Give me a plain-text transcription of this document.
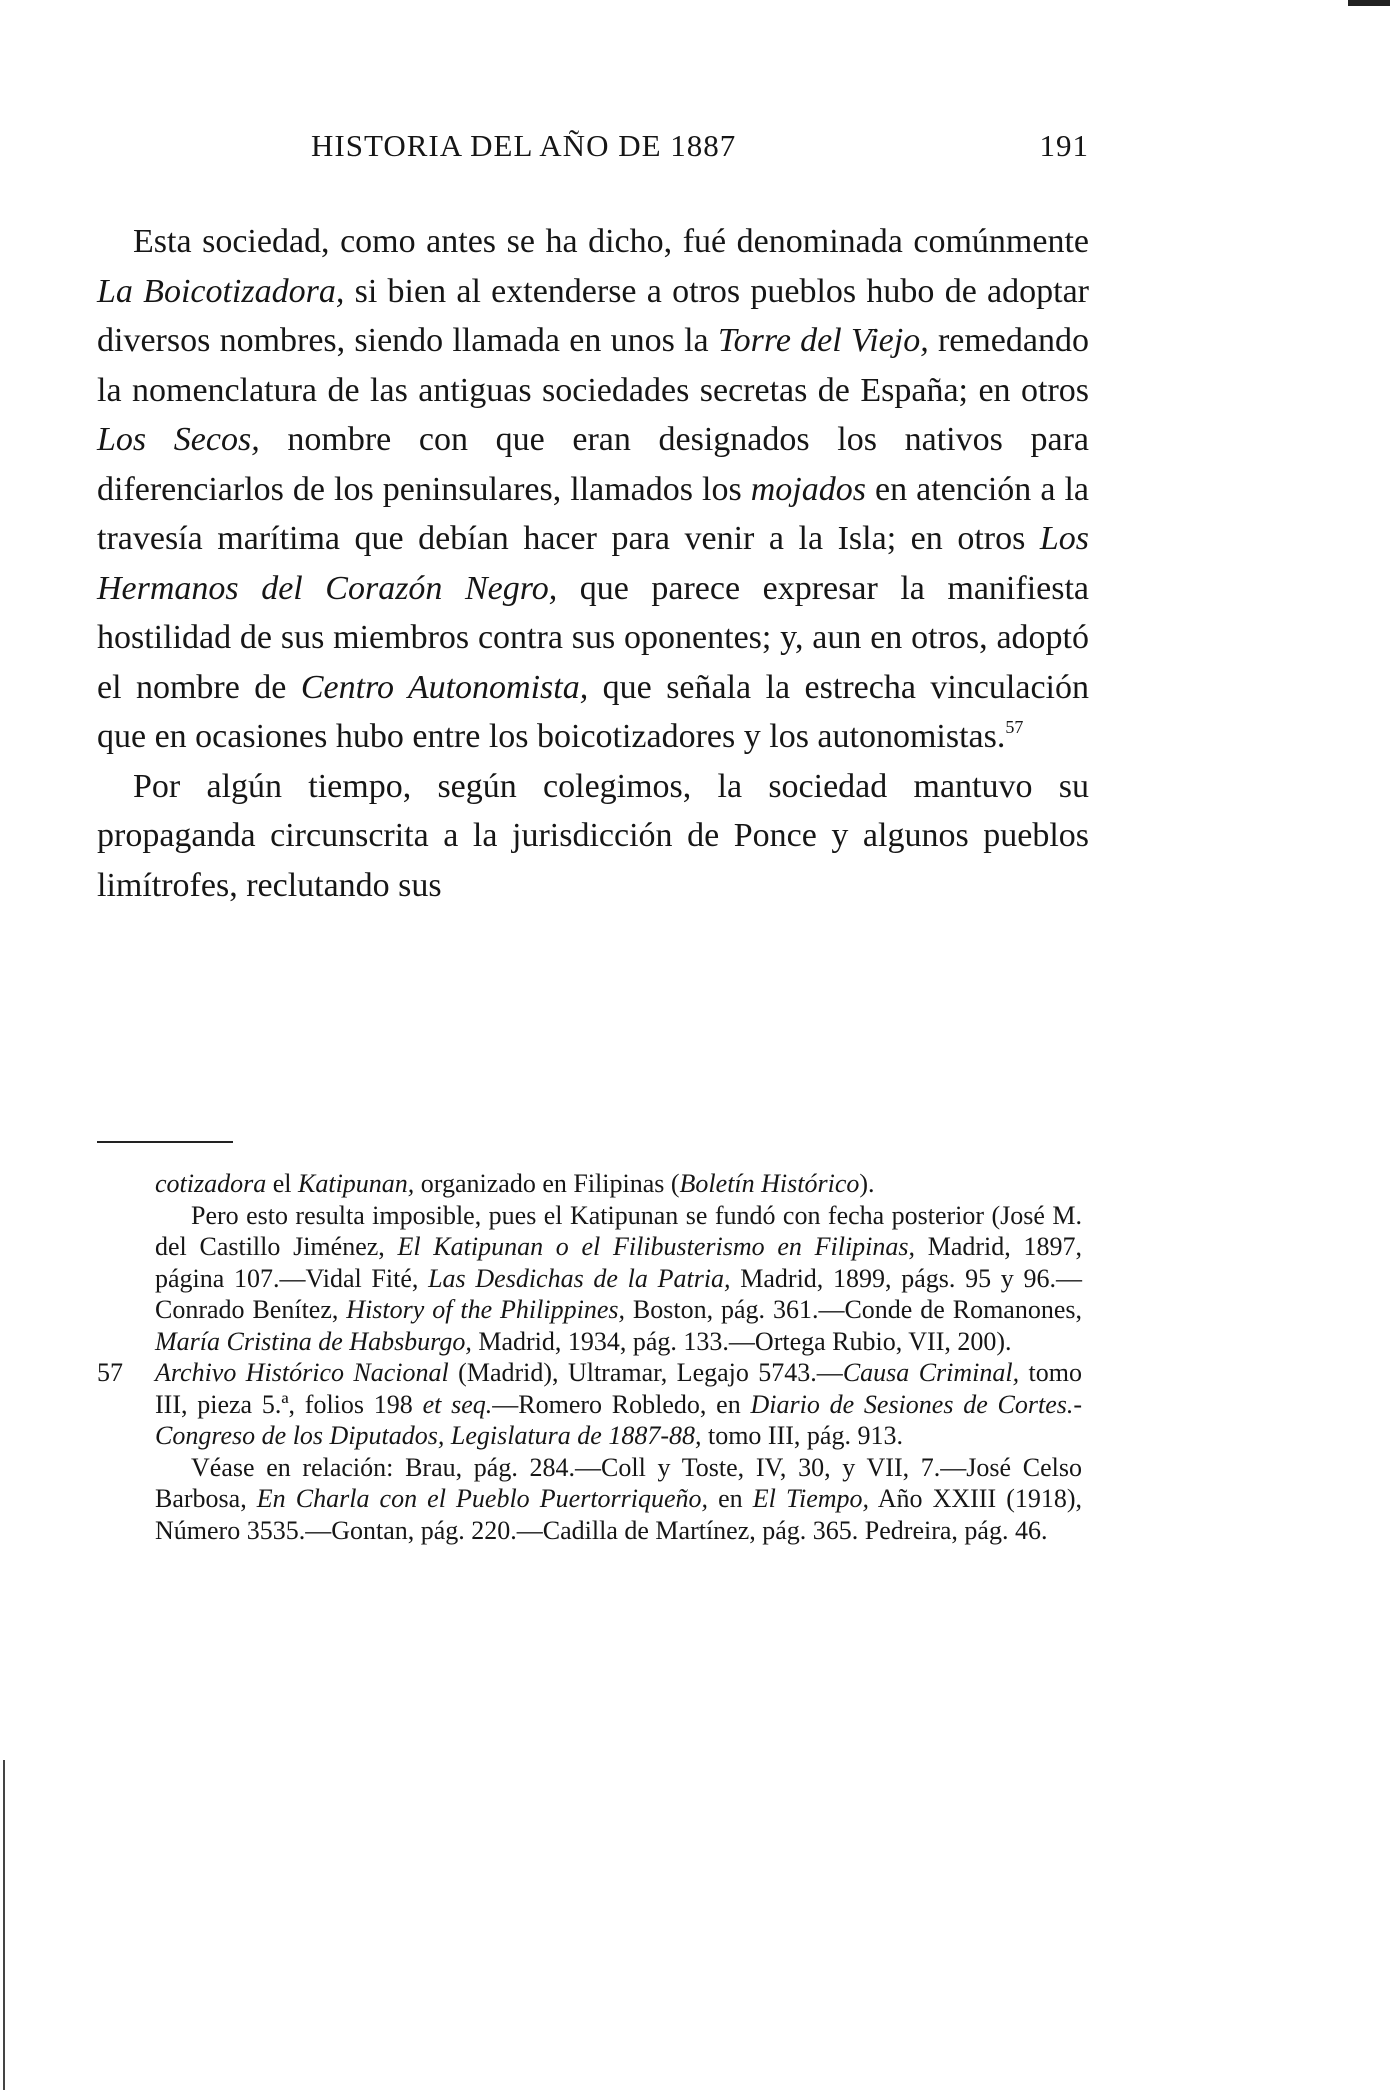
HISTORIA DEL AÑO DE 1887	191

Esta sociedad, como antes se ha dicho, fué denominada comúnmente La Boicotizadora, si bien al extenderse a otros pueblos hubo de adoptar diversos nombres, siendo llamada en unos la Torre del Viejo, remedando la nomenclatura de las antiguas sociedades secretas de España; en otros Los Secos, nombre con que eran designados los nativos para diferenciarlos de los peninsulares, llamados los mojados en atención a la travesía marítima que debían hacer para venir a la Isla; en otros Los Hermanos del Corazón Negro, que parece expresar la manifiesta hostilidad de sus miembros contra sus oponentes; y, aun en otros, adoptó el nombre de Centro Autonomista, que señala la estrecha vinculación que en ocasiones hubo entre los boicotizadores y los autonomistas.$^{57}$

Por algún tiempo, según colegimos, la sociedad mantuvo su propaganda circunscrita a la jurisdicción de Ponce y algunos pueblos limítrofes, reclutando sus

cotizadora el Katipunan, organizado en Filipinas (Boletín Histórico).

Pero esto resulta imposible, pues el Katipunan se fundó con fecha posterior (José M. del Castillo Jiménez, El Katipunan o el Filibusterismo en Filipinas, Madrid, 1897, página 107.—Vidal Fité, Las Desdichas de la Patria, Madrid, 1899, págs. 95 y 96.—Conrado Benítez, History of the Philippines, Boston, pág. 361.—Conde de Romanones, María Cristina de Habsburgo, Madrid, 1934, pág. 133.—Ortega Rubio, VII, 200).

57 Archivo Histórico Nacional (Madrid), Ultramar, Legajo 5743.—Causa Criminal, tomo III, pieza 5.ª, folios 198 et seq.—Romero Robledo, en Diario de Sesiones de Cortes.-Congreso de los Diputados, Legislatura de 1887-88, tomo III, pág. 913.

Véase en relación: Brau, pág. 284.—Coll y Toste, IV, 30, y VII, 7.—José Celso Barbosa, En Charla con el Pueblo Puertorriqueño, en El Tiempo, Año XXIII (1918), Número 3535.—Gontan, pág. 220.—Cadilla de Martínez, pág. 365. Pedreira, pág. 46.
